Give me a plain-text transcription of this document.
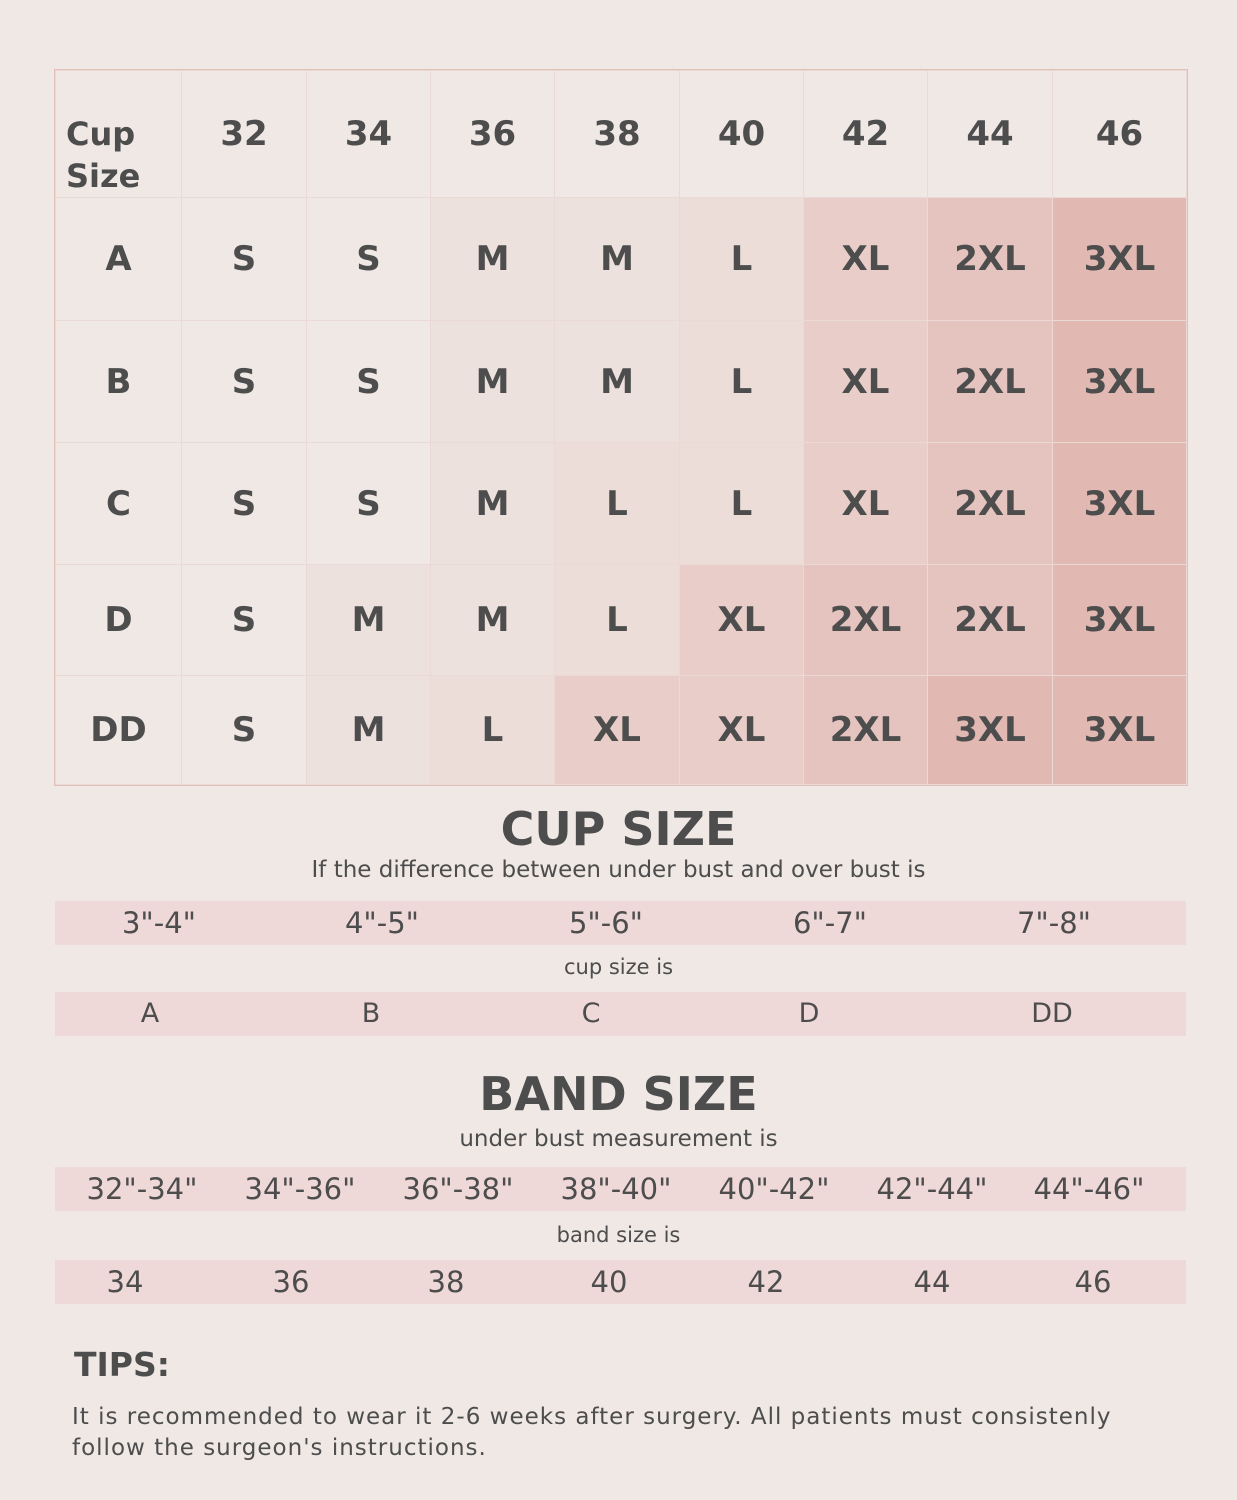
Cup Size	32	34	36	38	40	42	44	46
A	S	S	M	M	L	XL	2XL	3XL
B	S	S	M	M	L	XL	2XL	3XL
C	S	S	M	L	L	XL	2XL	3XL
D	S	M	M	L	XL	2XL	2XL	3XL
DD	S	M	L	XL	XL	2XL	3XL	3XL
CUP SIZE

If the difference between under bust and over bust is

3"-4"	4"-5"	5"-6"	6"-7"	7"-8"

cup size is

A	B	C	D	DD
BAND SIZE

under bust measurement is

32"-34" 34"-36" 36"-38" 38"-40" 40"-42" 42"-44" 44"-46"

band size is

34	36	38	40	42	44	46
TIPS:

It is recommended to wear it 2-6 weeks after surgery. All patients must consistenly follow the surgeon's instructions.
